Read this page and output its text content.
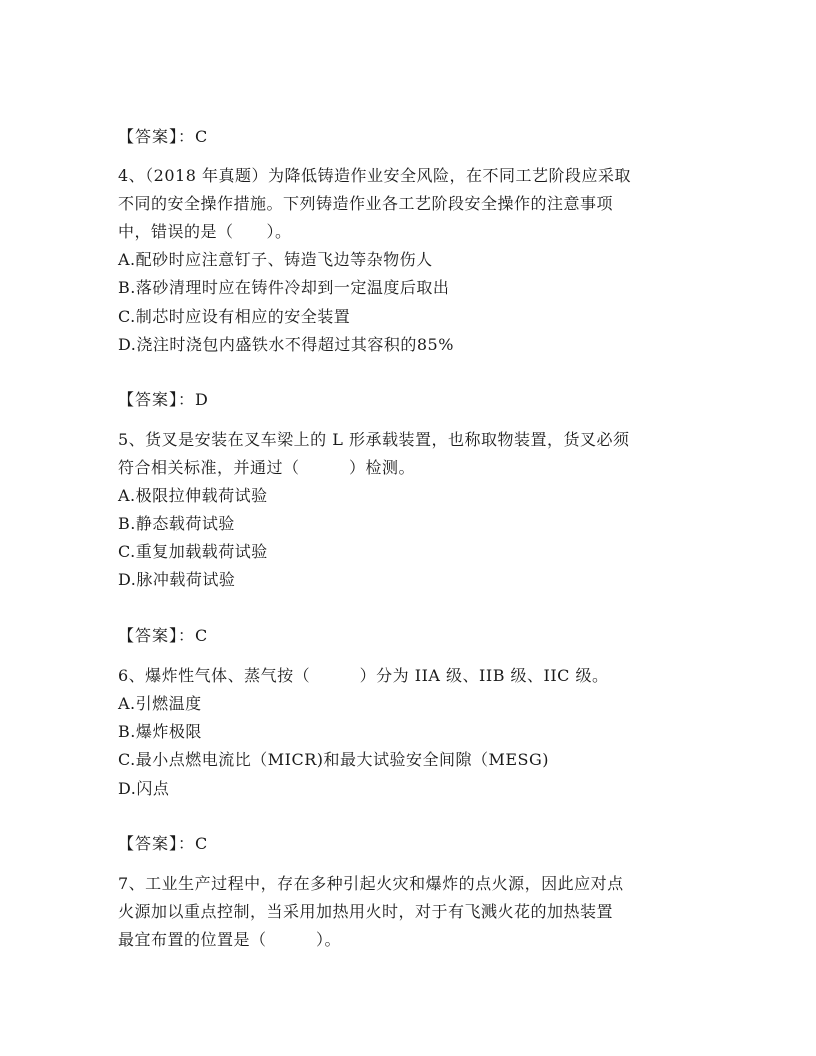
【答案】：C
4、（2018 年真题）为降低铸造作业安全风险，在不同工艺阶段应采取
不同的安全操作措施。下列铸造作业各工艺阶段安全操作的注意事项
中，错误的是（　　）。
A.配砂时应注意钉子、铸造飞边等杂物伤人
B.落砂清理时应在铸件冷却到一定温度后取出
C.制芯时应设有相应的安全装置
D.浇注时浇包内盛铁水不得超过其容积的85%
【答案】：D
5、货叉是安装在叉车梁上的 L 形承载装置，也称取物装置，货叉必须
符合相关标准，并通过（　　　）检测。
A.极限拉伸载荷试验
B.静态载荷试验
C.重复加载载荷试验
D.脉冲载荷试验
【答案】：C
6、爆炸性气体、蒸气按（　　　）分为 IIA 级、IIB 级、IIC 级。
A.引燃温度
B.爆炸极限
C.最小点燃电流比（MICR)和最大试验安全间隙（MESG)
D.闪点
【答案】：C
7、工业生产过程中，存在多种引起火灾和爆炸的点火源，因此应对点
火源加以重点控制，当采用加热用火时，对于有飞溅火花的加热装置
最宜布置的位置是（　　　）。
